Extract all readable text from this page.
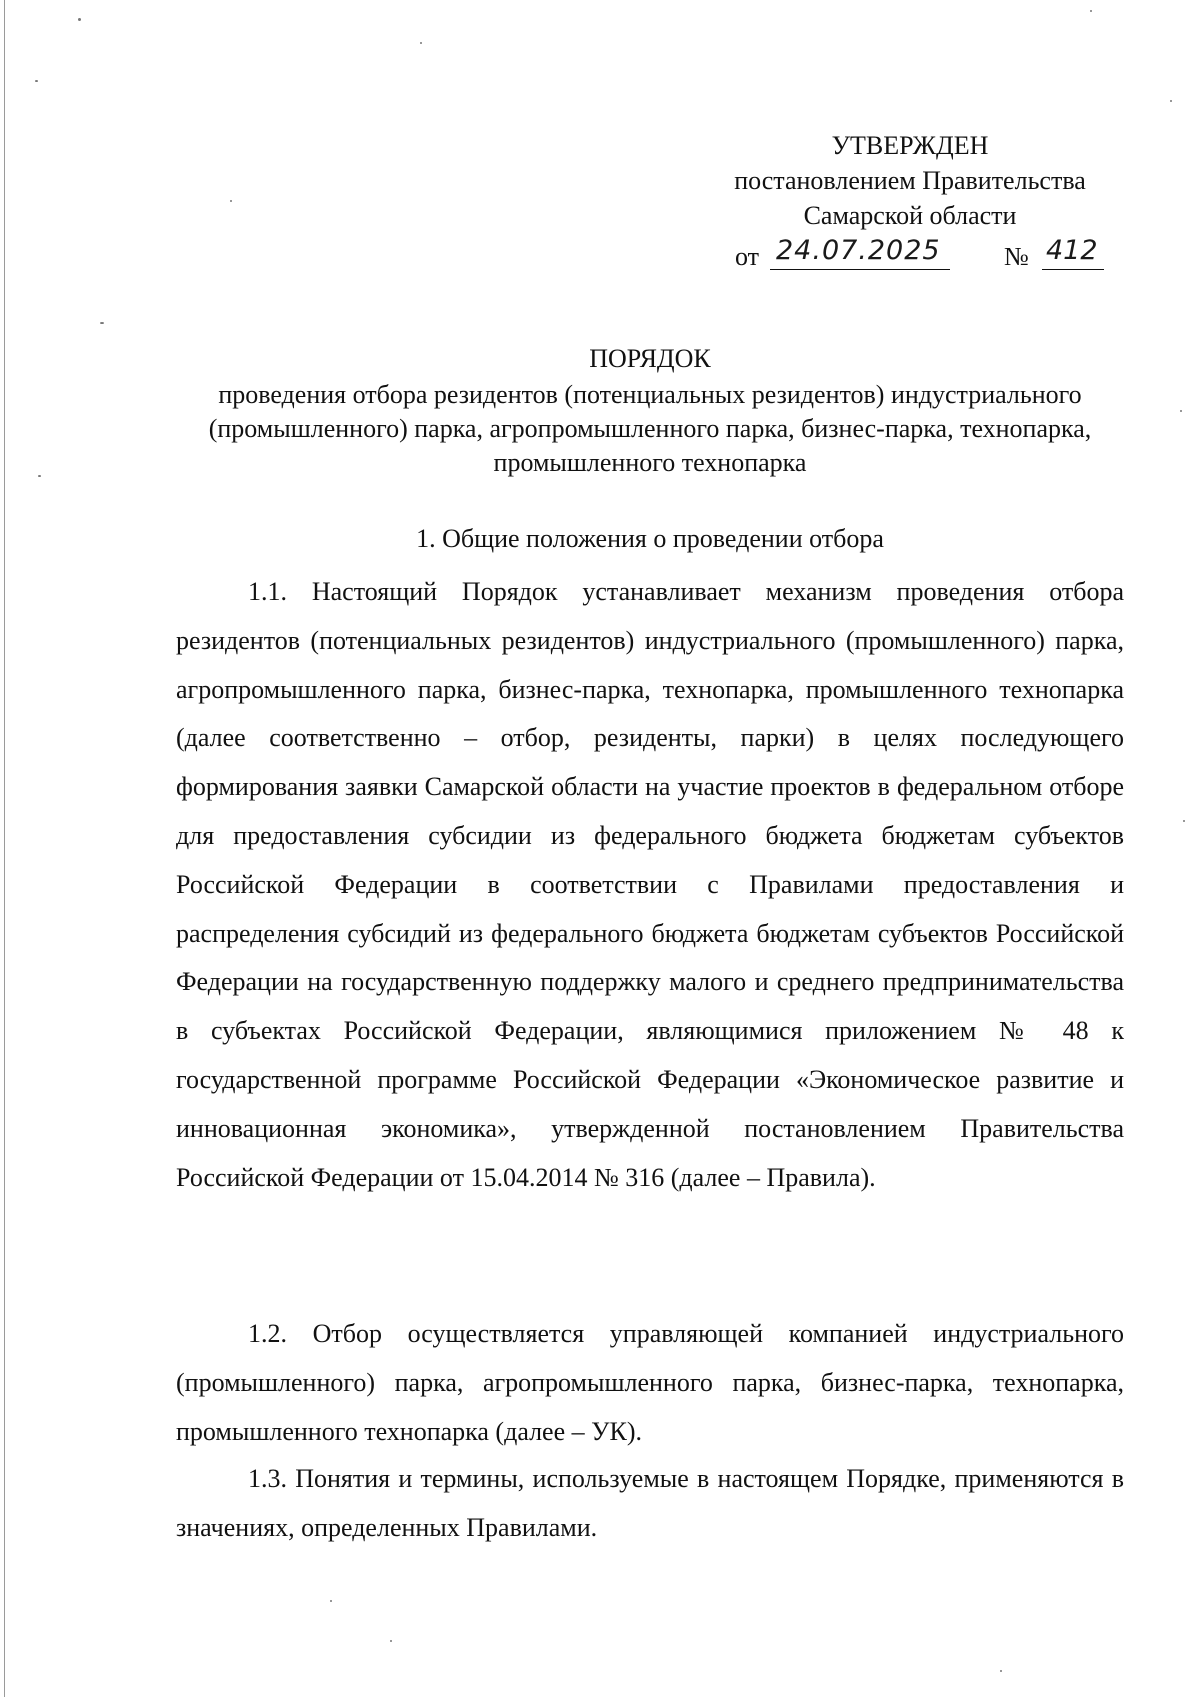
УТВЕРЖДЕН
постановлением Правительства
Самарской области
от 24.07.2025 № 412
ПОРЯДОК
проведения отбора резидентов (потенциальных резидентов) индустриального (промышленного) парка, агропромышленного парка, бизнес-парка, технопарка, промышленного технопарка
1. Общие положения о проведении отбора

1.1. Настоящий Порядок устанавливает механизм проведения отбора резидентов (потенциальных резидентов) индустриального (промышленного) парка, агропромышленного парка, бизнес-парка, технопарка, промышленного технопарка (далее соответственно – отбор, резиденты, парки) в целях последующего формирования заявки Самарской области на участие проектов в федеральном отборе для предоставления субсидии из федерального бюджета бюджетам субъектов Российской Федерации в соответствии с Правилами предоставления и распределения субсидий из федерального бюджета бюджетам субъектов Российской Федерации на государственную поддержку малого и среднего предпринимательства в субъектах Российской Федерации, являющимися приложением № 48 к государственной программе Российской Федерации «Экономическое развитие и инновационная экономика», утвержденной постановлением Правительства Российской Федерации от 15.04.2014 № 316 (далее – Правила).

1.2. Отбор осуществляется управляющей компанией индустриального (промышленного) парка, агропромышленного парка, бизнес-парка, технопарка, промышленного технопарка (далее – УК).

1.3. Понятия и термины, используемые в настоящем Порядке, применяются в значениях, определенных Правилами.
